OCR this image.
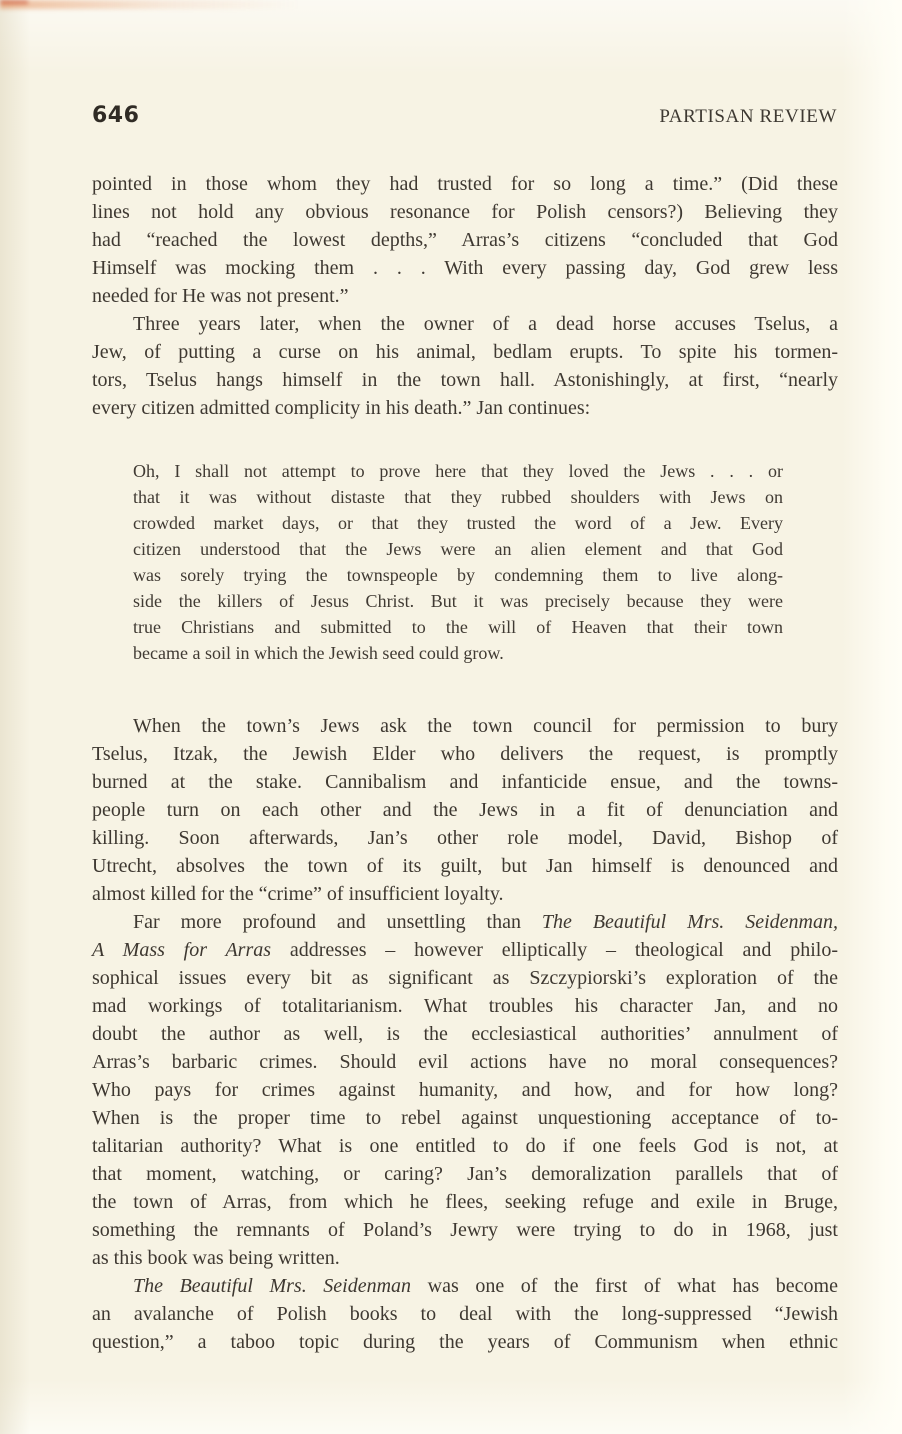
646	PARTISAN REVIEW

pointed in those whom they had trusted for so long a time.” (Did these
lines not hold any obvious resonance for Polish censors?) Believing they
had “reached the lowest depths,” Arras’s citizens “concluded that God
Himself was mocking them . . . With every passing day, God grew less
needed for He was not present.”

Three years later, when the owner of a dead horse accuses Tselus, a
Jew, of putting a curse on his animal, bedlam erupts. To spite his tormen-
tors, Tselus hangs himself in the town hall. Astonishingly, at first, “nearly
every citizen admitted complicity in his death.” Jan continues:

Oh, I shall not attempt to prove here that they loved the Jews . . . or
that it was without distaste that they rubbed shoulders with Jews on
crowded market days, or that they trusted the word of a Jew. Every
citizen understood that the Jews were an alien element and that God
was sorely trying the townspeople by condemning them to live along-
side the killers of Jesus Christ. But it was precisely because they were
true Christians and submitted to the will of Heaven that their town
became a soil in which the Jewish seed could grow.

When the town’s Jews ask the town council for permission to bury
Tselus, Itzak, the Jewish Elder who delivers the request, is promptly
burned at the stake. Cannibalism and infanticide ensue, and the towns-
people turn on each other and the Jews in a fit of denunciation and
killing. Soon afterwards, Jan’s other role model, David, Bishop of
Utrecht, absolves the town of its guilt, but Jan himself is denounced and
almost killed for the “crime” of insufficient loyalty.

Far more profound and unsettling than The Beautiful Mrs. Seidenman,
A Mass for Arras addresses – however elliptically – theological and philo-
sophical issues every bit as significant as Szczypiorski’s exploration of the
mad workings of totalitarianism. What troubles his character Jan, and no
doubt the author as well, is the ecclesiastical authorities’ annulment of
Arras’s barbaric crimes. Should evil actions have no moral consequences?
Who pays for crimes against humanity, and how, and for how long?
When is the proper time to rebel against unquestioning acceptance of to-
talitarian authority? What is one entitled to do if one feels God is not, at
that moment, watching, or caring? Jan’s demoralization parallels that of
the town of Arras, from which he flees, seeking refuge and exile in Bruge,
something the remnants of Poland’s Jewry were trying to do in 1968, just
as this book was being written.

The Beautiful Mrs. Seidenman was one of the first of what has become
an avalanche of Polish books to deal with the long-suppressed “Jewish
question,” a taboo topic during the years of Communism when ethnic
